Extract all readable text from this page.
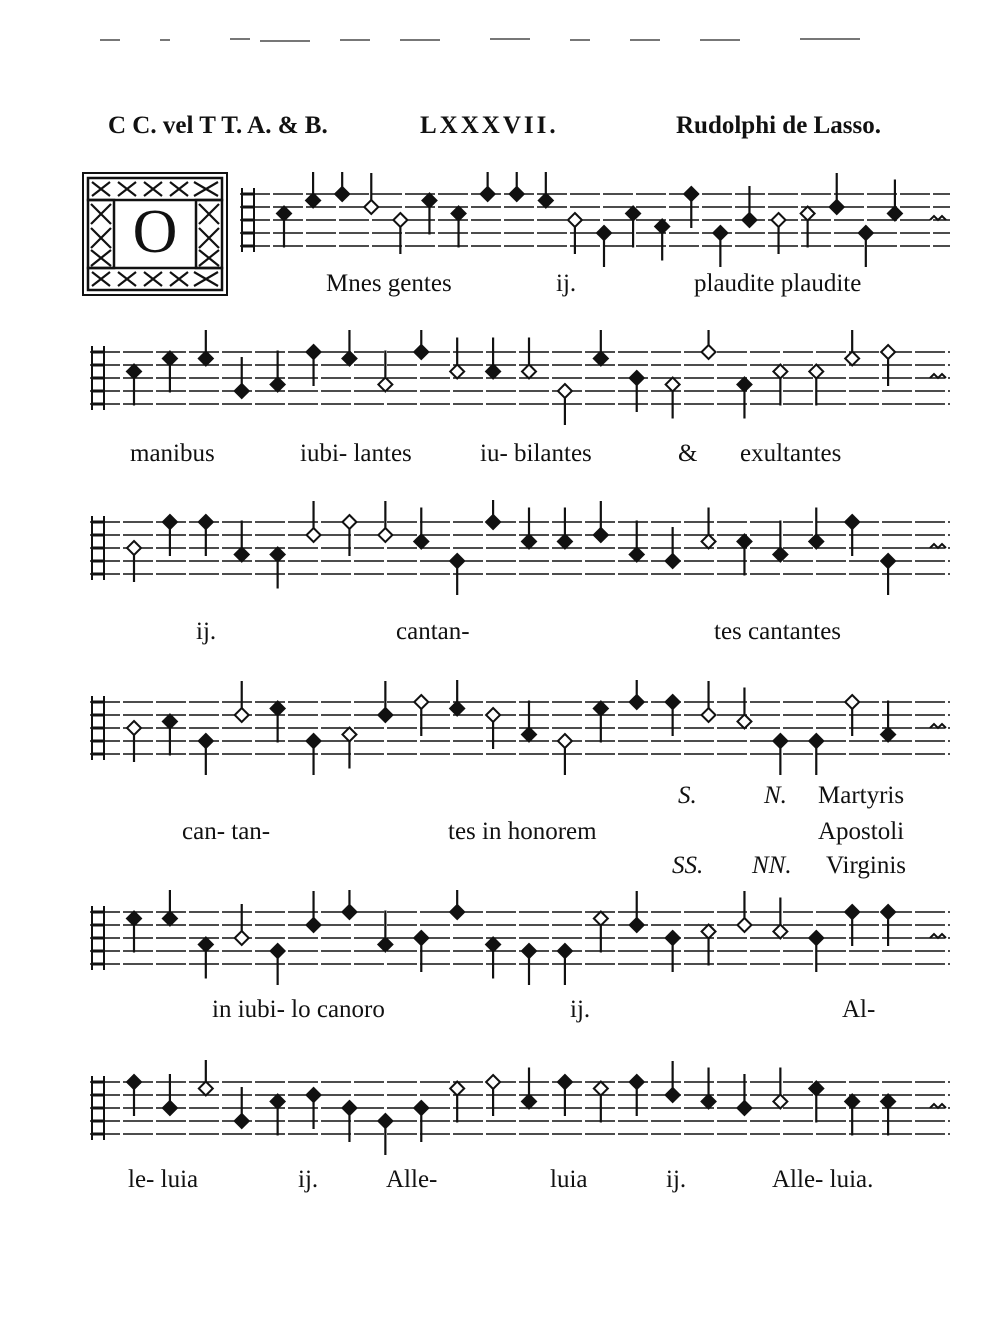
C C. vel T T. A. & B.	LXXXVII.	Rudolphi de Lasso.
O
Mnes gentes	ij.	plaudite plaudite
manibus	iubi- lantes	iu- bilantes	& exultantes
ij.	cantan-	tes cantantes
can- tan-	tes in honorem
S.	N. Martyris
Apostoli
SS. NN. Virginis
in iubi- lo canoro	ij.	Al-
le- luia	ij.	Alle-	luia	ij.	Alle- luia.
